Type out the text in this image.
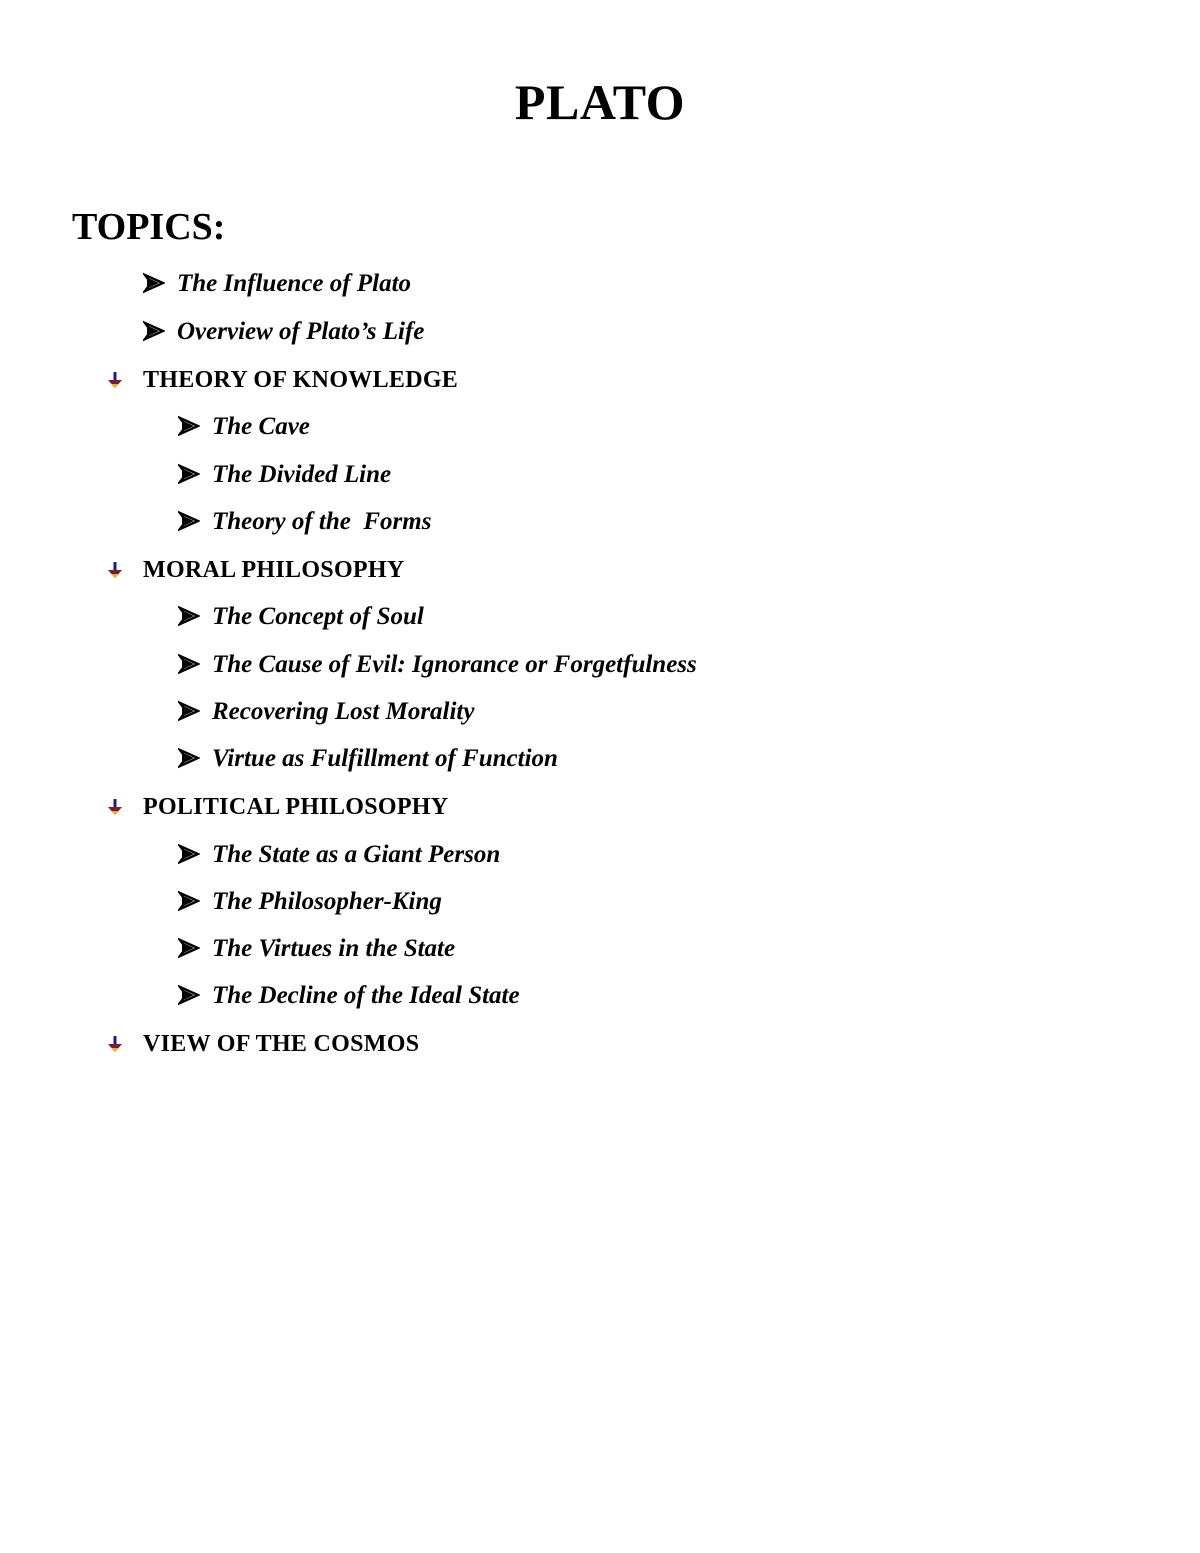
PLATO
TOPICS:
The Influence of Plato
Overview of Plato’s Life
THEORY OF KNOWLEDGE
The Cave
The Divided Line
Theory of the  Forms
MORAL PHILOSOPHY
The Concept of Soul
The Cause of Evil: Ignorance or Forgetfulness
Recovering Lost Morality
Virtue as Fulfillment of Function
POLITICAL PHILOSOPHY
The State as a Giant Person
The Philosopher-King
The Virtues in the State
The Decline of the Ideal State
VIEW OF THE COSMOS
